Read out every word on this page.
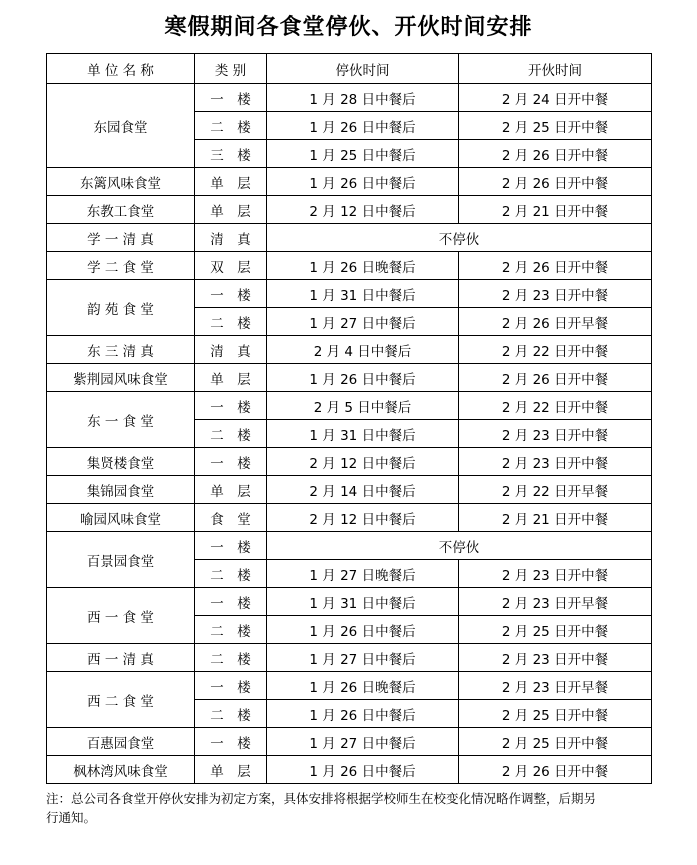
寒假期间各食堂停伙、开伙时间安排
单 位 名 称	类 别	停伙时间	开伙时间
东园食堂	一　楼	1 月 28 日中餐后	2 月 24 日开中餐
	二　楼	1 月 26 日中餐后	2 月 25 日开中餐
	三　楼	1 月 25 日中餐后	2 月 26 日开中餐
东篱风味食堂	单　层	1 月 26 日中餐后	2 月 26 日开中餐
东教工食堂	单　层	2 月 12 日中餐后	2 月 21 日开中餐
学 一 清 真	清　真	不停伙	
学 二 食 堂	双　层	1 月 26 日晚餐后	2 月 26 日开中餐
韵 苑 食 堂	一　楼	1 月 31 日中餐后	2 月 23 日开中餐
	二　楼	1 月 27 日中餐后	2 月 26 日开早餐
东 三 清 真	清　真	2 月 4 日中餐后	2 月 22 日开中餐
紫荆园风味食堂	单　层	1 月 26 日中餐后	2 月 26 日开中餐
东 一 食 堂	一　楼	2 月 5 日中餐后	2 月 22 日开中餐
	二　楼	1 月 31 日中餐后	2 月 23 日开中餐
集贤楼食堂	一　楼	2 月 12 日中餐后	2 月 23 日开中餐
集锦园食堂	单　层	2 月 14 日中餐后	2 月 22 日开早餐
喻园风味食堂	食　堂	2 月 12 日中餐后	2 月 21 日开中餐
百景园食堂	一　楼	不停伙	
	二　楼	1 月 27 日晚餐后	2 月 23 日开中餐
西 一 食 堂	一　楼	1 月 31 日中餐后	2 月 23 日开早餐
	二　楼	1 月 26 日中餐后	2 月 25 日开中餐
西 一 清 真	二　楼	1 月 27 日中餐后	2 月 23 日开中餐
西 二 食 堂	一　楼	1 月 26 日晚餐后	2 月 23 日开早餐
	二　楼	1 月 26 日中餐后	2 月 25 日开中餐
百惠园食堂	一　楼	1 月 27 日中餐后	2 月 25 日开中餐
枫林湾风味食堂	单　层	1 月 26 日中餐后	2 月 26 日开中餐
注：总公司各食堂开停伙安排为初定方案，具体安排将根据学校师生在校变化情况略作调整，后期另
行通知。
